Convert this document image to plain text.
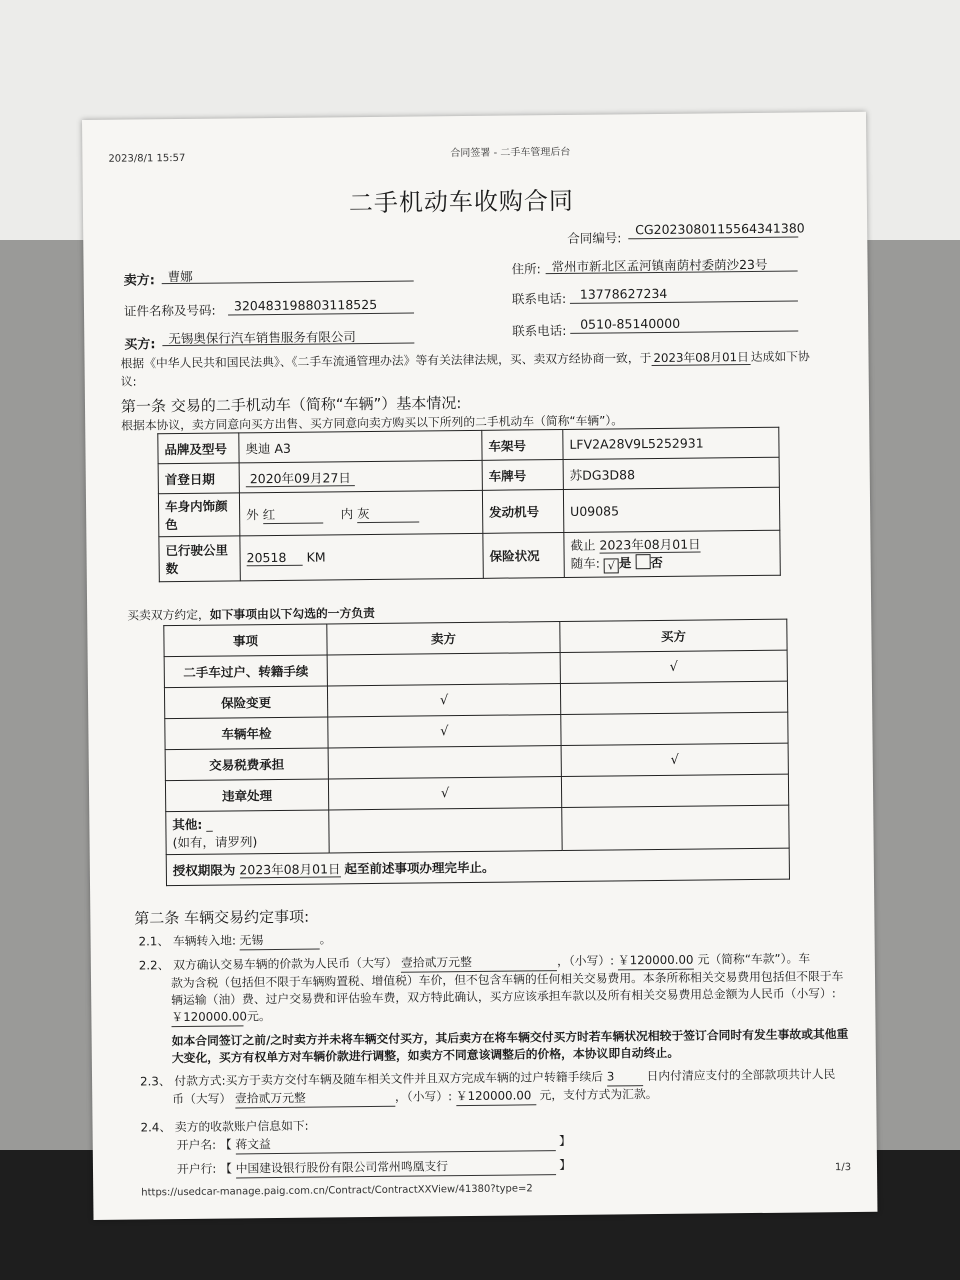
2023/8/1 15:57	合同签署 - 二手车管理后台
二手机动车收购合同
合同编号:
CG2023080115564341380
卖方: 曹娜	住所: 常州市新北区孟河镇南荫村委荫沙23号
证件名称及号码: 320483198803118525	联系电话: 13778627234
买方: 无锡奥保行汽车销售服务有限公司	联系电话: 0510-85140000
根据《中华人民共和国民法典》、《二手车流通管理办法》等有关法律法规，买、卖双方经协商一致，于 2023年08月01日 达成如下协
议:
第一条 交易的二手机动车（简称“车辆”）基本情况:
根据本协议，卖方同意向买方出售、买方同意向卖方购买以下所列的二手机动车（简称“车辆”）。
品牌及型号	奥迪 A3	车架号	LFV2A28V9L5252931
首登日期	2020年09月27日	车牌号	苏DG3D88
车身内饰颜色	外 红 内 灰	发动机号	U09085
已行驶公里数	20518 KM	保险状况	截止 2023年08月01日
随车: √ 是 否
买卖双方约定，如下事项由以下勾选的一方负责
事项	卖方	买方
二手车过户、转籍手续		√
保险变更	√	
车辆年检	√	
交易税费承担		√
违章处理	√	

其他: _
(如有，请罗列)		

授权期限为 2023年08月01日 起至前述事项办理完毕止。		
第二条 车辆交易约定事项:
2.1、 车辆转入地: 无锡	。
2.2、 双方确认交易车辆的价款为人民币（大写） 壹拾贰万元整	，（小写）: ￥120000.00 元（简称“车款”）。车
款为含税（包括但不限于车辆购置税、增值税）车价，但不包含车辆的任何相关交易费用。本条所称相关交易费用包括但不限于车
辆运输（油）费、过户交易费和评估验车费，双方特此确认，买方应该承担车款以及所有相关交易费用总金额为人民币（小写）:
￥120000.00 元。
如本合同签订之前/之时卖方并未将车辆交付买方，其后卖方在将车辆交付买方时若车辆状况相较于签订合同时有发生事故或其他重
大变化，买方有权单方对车辆价款进行调整，如卖方不同意该调整后的价格，本协议即自动终止。
2.3、 付款方式:买方于卖方交付车辆及随车相关文件并且双方完成车辆的过户转籍手续后 3	日内付清应支付的全部款项共计人民
币（大写） 壹拾贰万元整	，（小写）: ￥120000.00 元，支付方式为汇款。
2.4、 卖方的收款账户信息如下:
开户名: 【 蒋文益	】
开户行: 【 中国建设银行股份有限公司常州鸣凰支行	】	1/3
https://usedcar-manage.paig.com.cn/Contract/ContractXXView/41380?type=2
